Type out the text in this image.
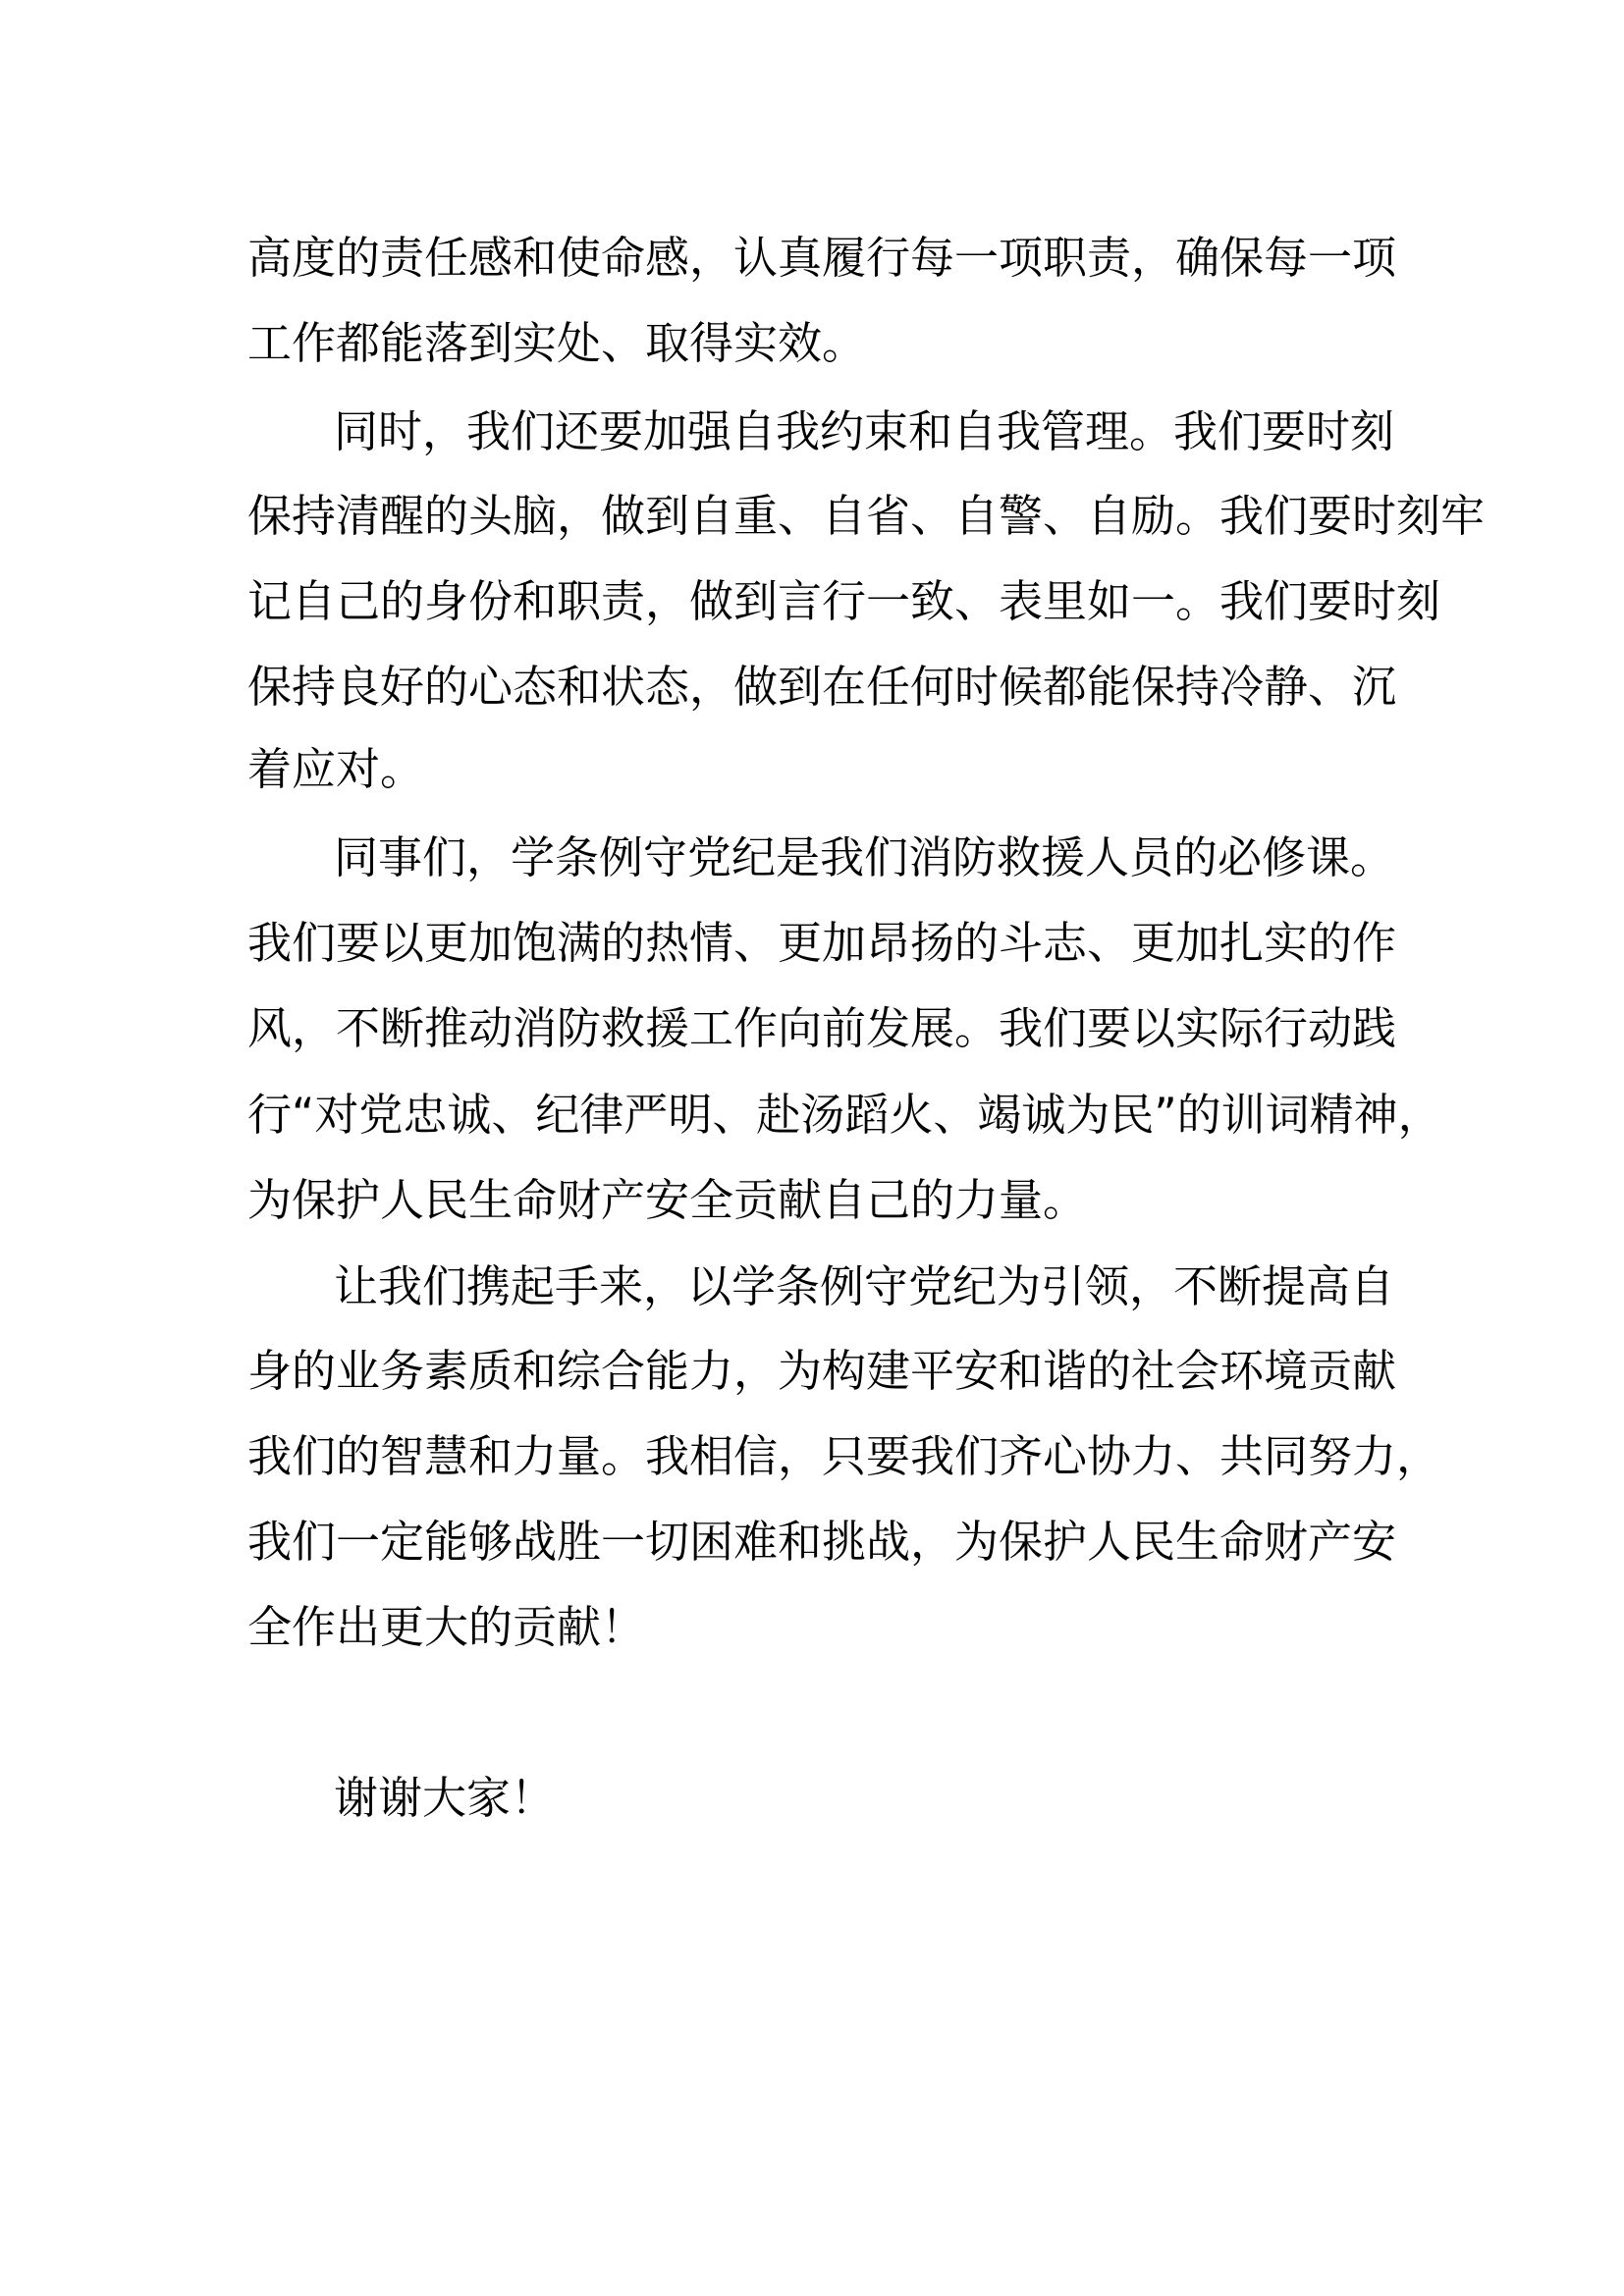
高度的责任感和使命感，认真履行每一项职责，确保每一项
工作都能落到实处、取得实效。
同时，我们还要加强自我约束和自我管理。我们要时刻
保持清醒的头脑，做到自重、自省、自警、自励。我们要时刻牢
记自己的身份和职责，做到言行一致、表里如一。我们要时刻
保持良好的心态和状态，做到在任何时候都能保持冷静、沉
着应对。
同事们，学条例守党纪是我们消防救援人员的必修课。
我们要以更加饱满的热情、更加昂扬的斗志、更加扎实的作
风，不断推动消防救援工作向前发展。我们要以实际行动践
行“对党忠诚、纪律严明、赴汤蹈火、竭诚为民”的训词精神，
为保护人民生命财产安全贡献自己的力量。
让我们携起手来，以学条例守党纪为引领，不断提高自
身的业务素质和综合能力，为构建平安和谐的社会环境贡献
我们的智慧和力量。我相信，只要我们齐心协力、共同努力，
我们一定能够战胜一切困难和挑战，为保护人民生命财产安
全作出更大的贡献！
谢谢大家！
